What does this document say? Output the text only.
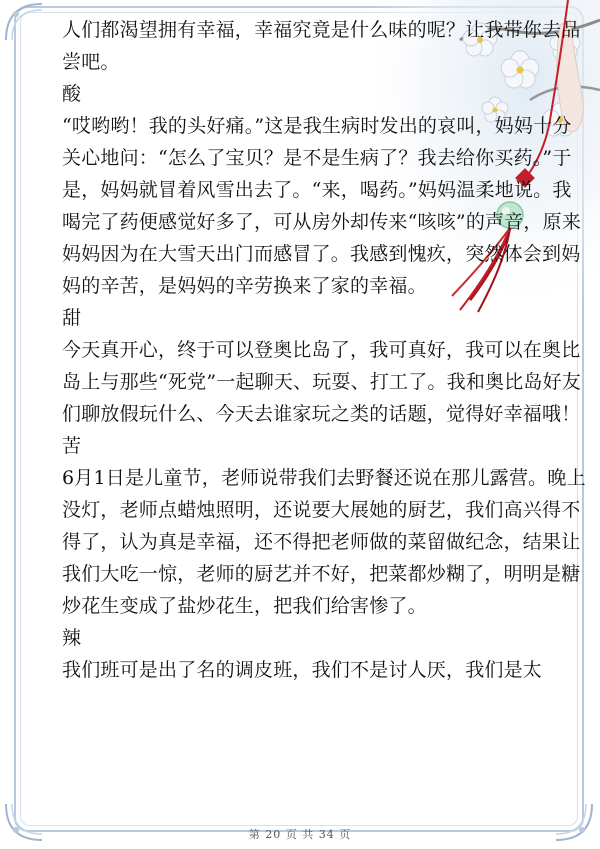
人们都渴望拥有幸福，幸福究竟是什么味的呢？让我带你去品尝吧。

酸

“哎哟哟！我的头好痛。”这是我生病时发出的哀叫，妈妈十分关心地问：“怎么了宝贝？是不是生病了？我去给你买药。”于是，妈妈就冒着风雪出去了。“来，喝药。”妈妈温柔地说。我喝完了药便感觉好多了，可从房外却传来“咳咳”的声音，原来妈妈因为在大雪天出门而感冒了。我感到愧疚，突然体会到妈妈的辛苦，是妈妈的辛劳换来了家的幸福。

甜

今天真开心，终于可以登奥比岛了，我可真好，我可以在奥比岛上与那些“死党”一起聊天、玩耍、打工了。我和奥比岛好友们聊放假玩什么、今天去谁家玩之类的话题，觉得好幸福哦！

苦

6月1日是儿童节，老师说带我们去野餐还说在那儿露营。晚上没灯，老师点蜡烛照明，还说要大展她的厨艺，我们高兴得不得了，认为真是幸福，还不得把老师做的菜留做纪念，结果让我们大吃一惊，老师的厨艺并不好，把菜都炒糊了，明明是糖炒花生变成了盐炒花生，把我们给害惨了。

辣

我们班可是出了名的调皮班，我们不是讨人厌，我们是太

第 20 页 共 34 页
